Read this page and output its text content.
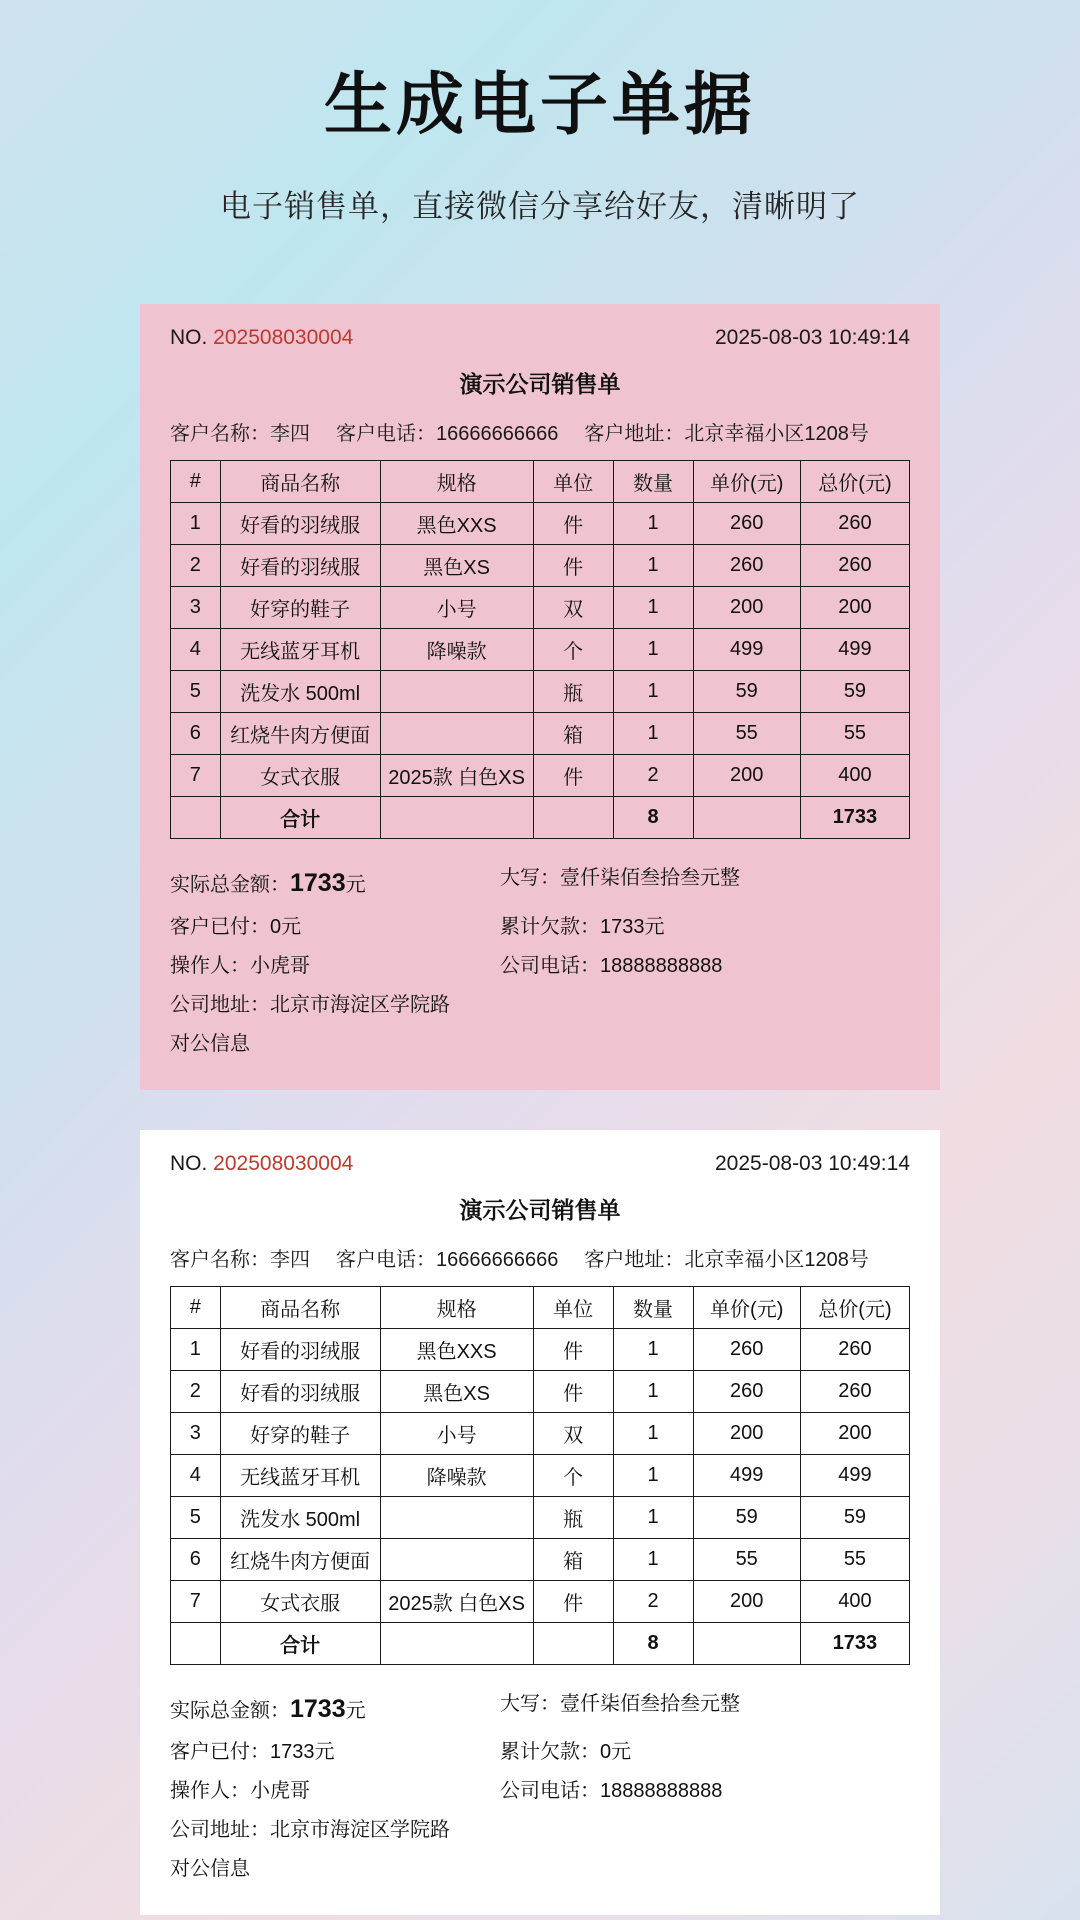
生成电子单据
电子销售单，直接微信分享给好友，清晰明了
NO. 202508030004	2025-08-03 10:49:14
演示公司销售单
客户名称：李四 客户电话：16666666666 客户地址：北京幸福小区1208号
#	商品名称	规格	单位	数量	单价(元)	总价(元)
1	好看的羽绒服	黑色XXS	件	1	260	260
2	好看的羽绒服	黑色XS	件	1	260	260
3	好穿的鞋子	小号	双	1	200	200
4	无线蓝牙耳机	降噪款	个	1	499	499
5	洗发水 500ml		瓶	1	59	59
6	红烧牛肉方便面		箱	1	55	55
7	女式衣服	2025款 白色XS	件	2	200	400
	合计			8		1733
实际总金额：1733元	大写：壹仟柒佰叁拾叁元整
客户已付：0元	累计欠款：1733元
操作人：小虎哥	公司电话：18888888888
公司地址：北京市海淀区学院路
对公信息
NO. 202508030004	2025-08-03 10:49:14
演示公司销售单
客户名称：李四 客户电话：16666666666 客户地址：北京幸福小区1208号
#	商品名称	规格	单位	数量	单价(元)	总价(元)
1	好看的羽绒服	黑色XXS	件	1	260	260
2	好看的羽绒服	黑色XS	件	1	260	260
3	好穿的鞋子	小号	双	1	200	200
4	无线蓝牙耳机	降噪款	个	1	499	499
5	洗发水 500ml		瓶	1	59	59
6	红烧牛肉方便面		箱	1	55	55
7	女式衣服	2025款 白色XS	件	2	200	400
	合计			8		1733
实际总金额：1733元	大写：壹仟柒佰叁拾叁元整
客户已付：1733元	累计欠款：0元
操作人：小虎哥	公司电话：18888888888
公司地址：北京市海淀区学院路
对公信息
